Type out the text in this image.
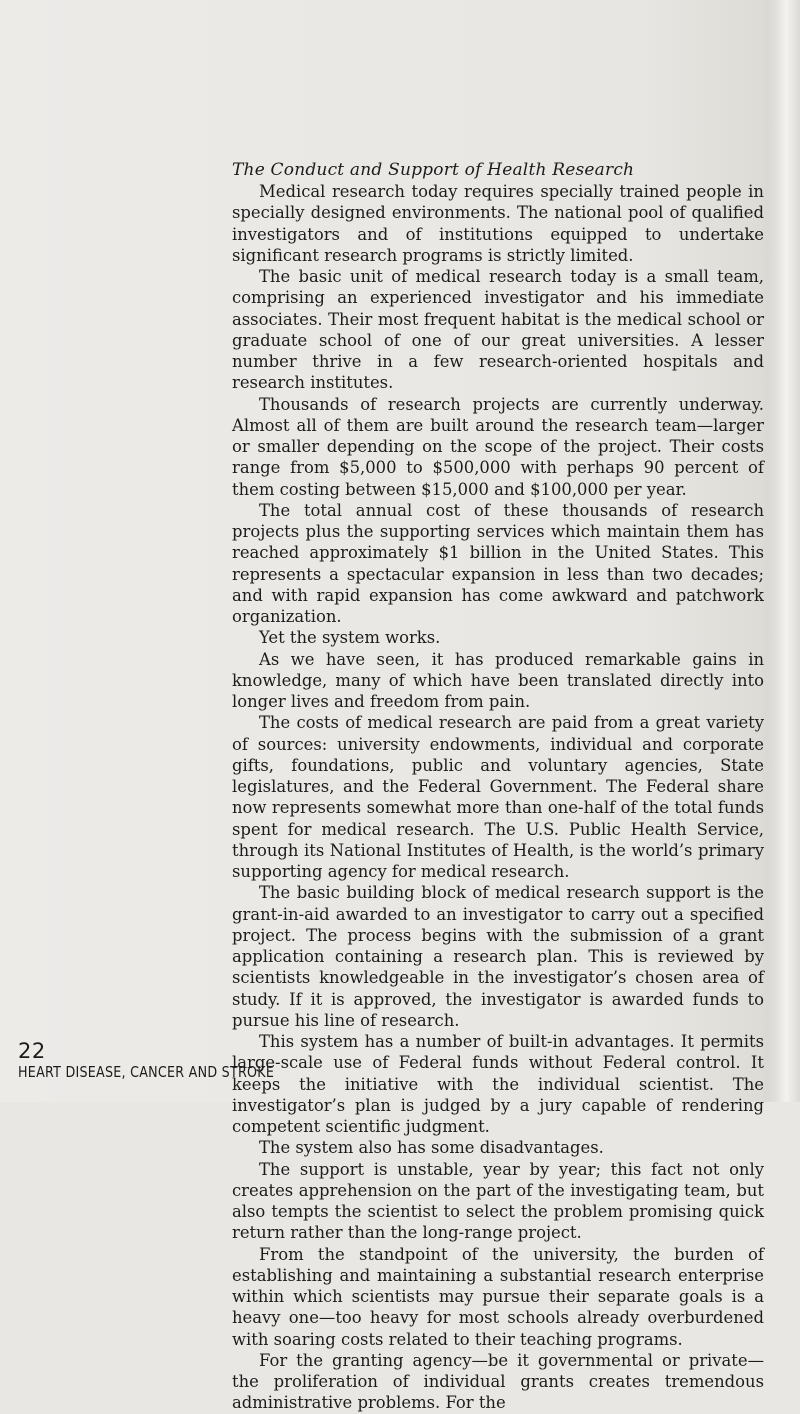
The Conduct and Support of Health Research

Medical research today requires specially trained people in specially designed environments. The national pool of qualified investigators and of institutions equipped to undertake significant research programs is strictly limited.

The basic unit of medical research today is a small team, comprising an experienced investigator and his immediate associates. Their most frequent habitat is the medical school or graduate school of one of our great universities. A lesser number thrive in a few research-oriented hospitals and research institutes.

Thousands of research projects are currently underway. Almost all of them are built around the research team—larger or smaller depending on the scope of the project. Their costs range from $5,000 to $500,000 with perhaps 90 percent of them costing between $15,000 and $100,000 per year.

The total annual cost of these thousands of research projects plus the supporting services which maintain them has reached approximately $1 billion in the United States. This represents a spectacular expansion in less than two decades; and with rapid expansion has come awkward and patchwork organization.

Yet the system works.

As we have seen, it has produced remarkable gains in knowledge, many of which have been translated directly into longer lives and freedom from pain.

The costs of medical research are paid from a great variety of sources: university endowments, individual and corporate gifts, foundations, public and voluntary agencies, State legislatures, and the Federal Government. The Federal share now represents somewhat more than one-half of the total funds spent for medical research. The U.S. Public Health Service, through its National Institutes of Health, is the world’s primary supporting agency for medical research.

The basic building block of medical research support is the grant-in-aid awarded to an investigator to carry out a specified project. The process begins with the submission of a grant application containing a research plan. This is reviewed by scientists knowledgeable in the investigator’s chosen area of study. If it is approved, the investigator is awarded funds to pursue his line of research.

This system has a number of built-in advantages. It permits large-scale use of Federal funds without Federal control. It keeps the initiative with the individual scientist. The investigator’s plan is judged by a jury capable of rendering competent scientific judgment.

The system also has some disadvantages.

The support is unstable, year by year; this fact not only creates apprehension on the part of the investigating team, but also tempts the scientist to select the problem promising quick return rather than the long-range project.

From the standpoint of the university, the burden of establishing and maintaining a substantial research enterprise within which scientists may pursue their separate goals is a heavy one—too heavy for most schools already overburdened with soaring costs related to their teaching programs.

For the granting agency—be it governmental or private—the proliferation of individual grants creates tremendous administrative problems. For the

22
HEART DISEASE, CANCER AND STROKE
